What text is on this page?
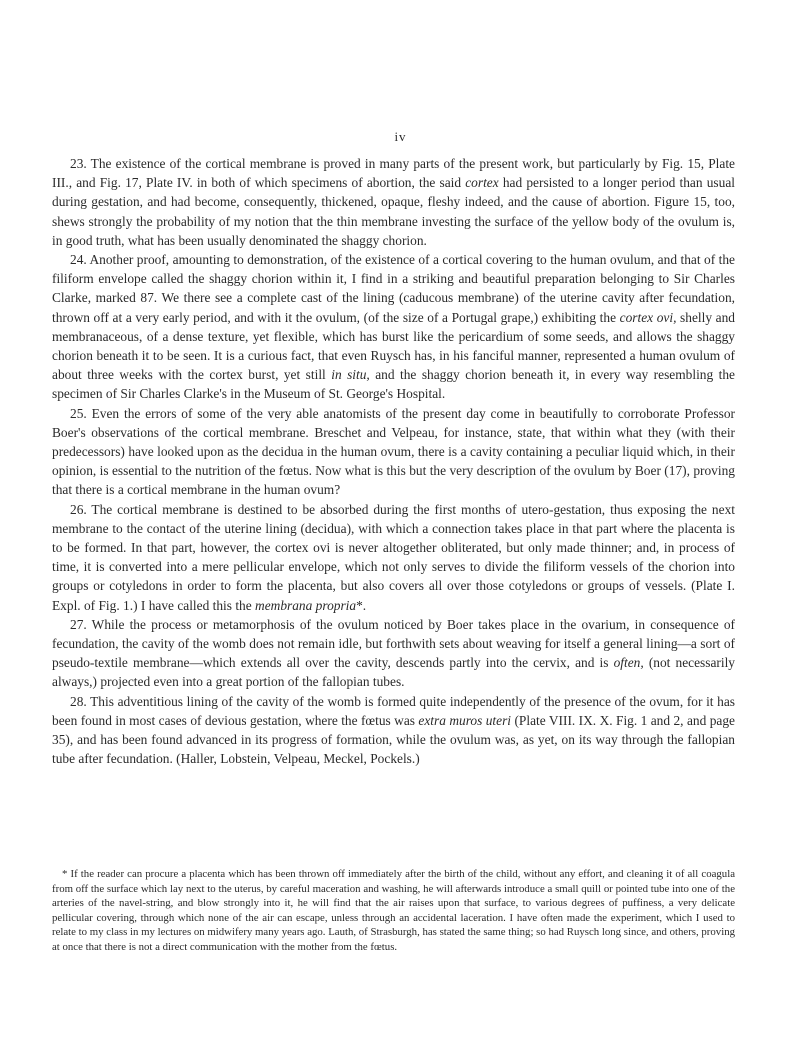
iv

23. The existence of the cortical membrane is proved in many parts of the present work, but particularly by Fig. 15, Plate III., and Fig. 17, Plate IV. in both of which specimens of abortion, the said cortex had persisted to a longer period than usual during gestation, and had become, consequently, thickened, opaque, fleshy indeed, and the cause of abortion. Figure 15, too, shews strongly the probability of my notion that the thin membrane investing the surface of the yellow body of the ovulum is, in good truth, what has been usually denominated the shaggy chorion.

24. Another proof, amounting to demonstration, of the existence of a cortical covering to the human ovulum, and that of the filiform envelope called the shaggy chorion within it, I find in a striking and beautiful preparation belonging to Sir Charles Clarke, marked 87. We there see a complete cast of the lining (caducous membrane) of the uterine cavity after fecundation, thrown off at a very early period, and with it the ovulum, (of the size of a Portugal grape,) exhibiting the cortex ovi, shelly and membranaceous, of a dense texture, yet flexible, which has burst like the pericardium of some seeds, and allows the shaggy chorion beneath it to be seen. It is a curious fact, that even Ruysch has, in his fanciful manner, represented a human ovulum of about three weeks with the cortex burst, yet still in situ, and the shaggy chorion beneath it, in every way resembling the specimen of Sir Charles Clarke's in the Museum of St. George's Hospital.

25. Even the errors of some of the very able anatomists of the present day come in beautifully to corroborate Professor Boer's observations of the cortical membrane. Breschet and Velpeau, for instance, state, that within what they (with their predecessors) have looked upon as the decidua in the human ovum, there is a cavity containing a peculiar liquid which, in their opinion, is essential to the nutrition of the fœtus. Now what is this but the very description of the ovulum by Boer (17), proving that there is a cortical membrane in the human ovum?

26. The cortical membrane is destined to be absorbed during the first months of utero-gestation, thus exposing the next membrane to the contact of the uterine lining (decidua), with which a connection takes place in that part where the placenta is to be formed. In that part, however, the cortex ovi is never altogether obliterated, but only made thinner; and, in process of time, it is converted into a mere pellicular envelope, which not only serves to divide the filiform vessels of the chorion into groups or cotyledons in order to form the placenta, but also covers all over those cotyledons or groups of vessels. (Plate I. Expl. of Fig. 1.) I have called this the membrana propria*.

27. While the process or metamorphosis of the ovulum noticed by Boer takes place in the ovarium, in consequence of fecundation, the cavity of the womb does not remain idle, but forthwith sets about weaving for itself a general lining—a sort of pseudo-textile membrane—which extends all over the cavity, descends partly into the cervix, and is often, (not necessarily always,) projected even into a great portion of the fallopian tubes.

28. This adventitious lining of the cavity of the womb is formed quite independently of the presence of the ovum, for it has been found in most cases of devious gestation, where the fœtus was extra muros uteri (Plate VIII. IX. X. Fig. 1 and 2, and page 35), and has been found advanced in its progress of formation, while the ovulum was, as yet, on its way through the fallopian tube after fecundation. (Haller, Lobstein, Velpeau, Meckel, Pockels.)

* If the reader can procure a placenta which has been thrown off immediately after the birth of the child, without any effort, and cleaning it of all coagula from off the surface which lay next to the uterus, by careful maceration and washing, he will afterwards introduce a small quill or pointed tube into one of the arteries of the navel-string, and blow strongly into it, he will find that the air raises upon that surface, to various degrees of puffiness, a very delicate pellicular covering, through which none of the air can escape, unless through an accidental laceration. I have often made the experiment, which I used to relate to my class in my lectures on midwifery many years ago. Lauth, of Strasburgh, has stated the same thing; so had Ruysch long since, and others, proving at once that there is not a direct communication with the mother from the fœtus.
